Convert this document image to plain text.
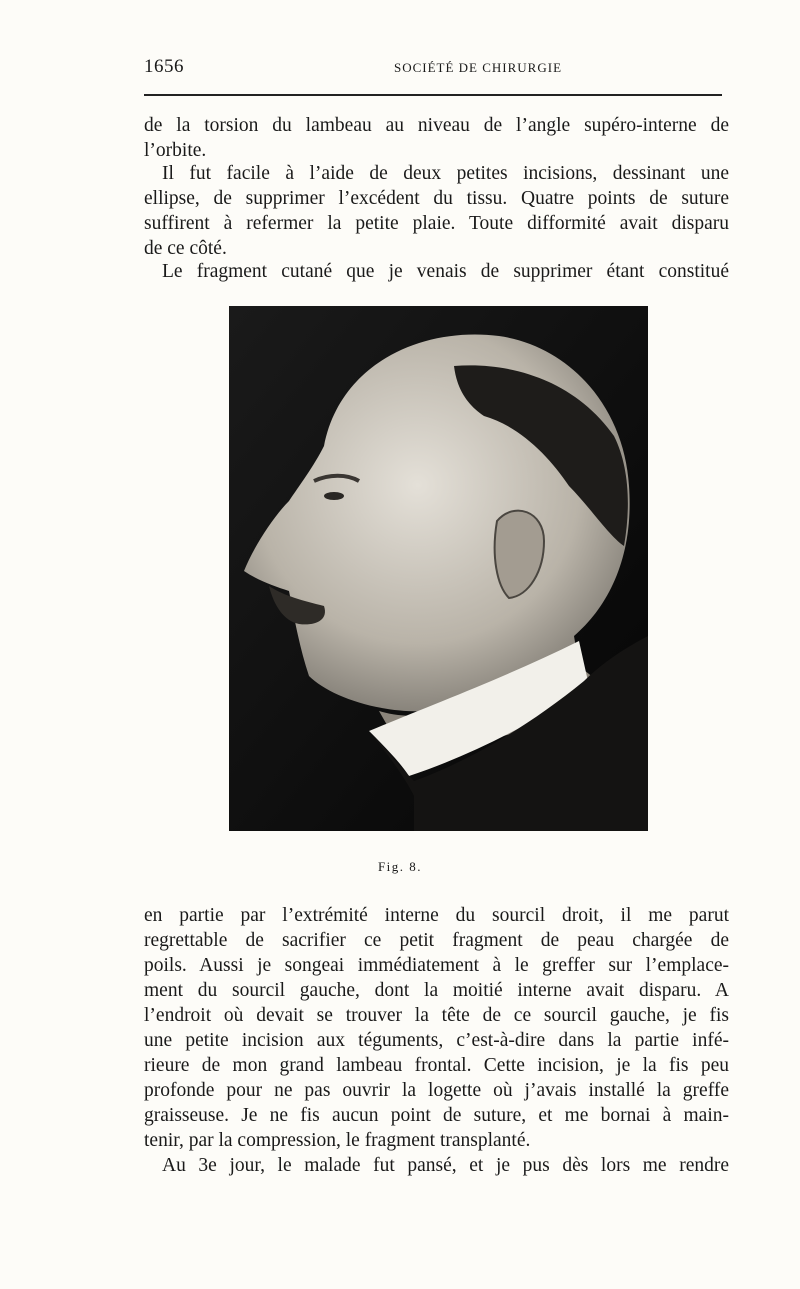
1656	SOCIÉTÉ DE CHIRURGIE

de la torsion du lambeau au niveau de l’angle supéro-interne de
l’orbite.

Il fut facile à l’aide de deux petites incisions, dessinant une
ellipse, de supprimer l’excédent du tissu. Quatre points de suture
suffirent à refermer la petite plaie. Toute difformité avait disparu
de ce côté.

Le fragment cutané que je venais de supprimer étant constitué

Fig. 8.

en partie par l’extrémité interne du sourcil droit, il me parut
regrettable de sacrifier ce petit fragment de peau chargée de
poils. Aussi je songeai immédiatement à le greffer sur l’emplace-
ment du sourcil gauche, dont la moitié interne avait disparu. A
l’endroit où devait se trouver la tête de ce sourcil gauche, je fis
une petite incision aux téguments, c’est-à-dire dans la partie infé-
rieure de mon grand lambeau frontal. Cette incision, je la fis peu
profonde pour ne pas ouvrir la logette où j’avais installé la greffe
graisseuse. Je ne fis aucun point de suture, et me bornai à main-
tenir, par la compression, le fragment transplanté.

Au 3e jour, le malade fut pansé, et je pus dès lors me rendre
